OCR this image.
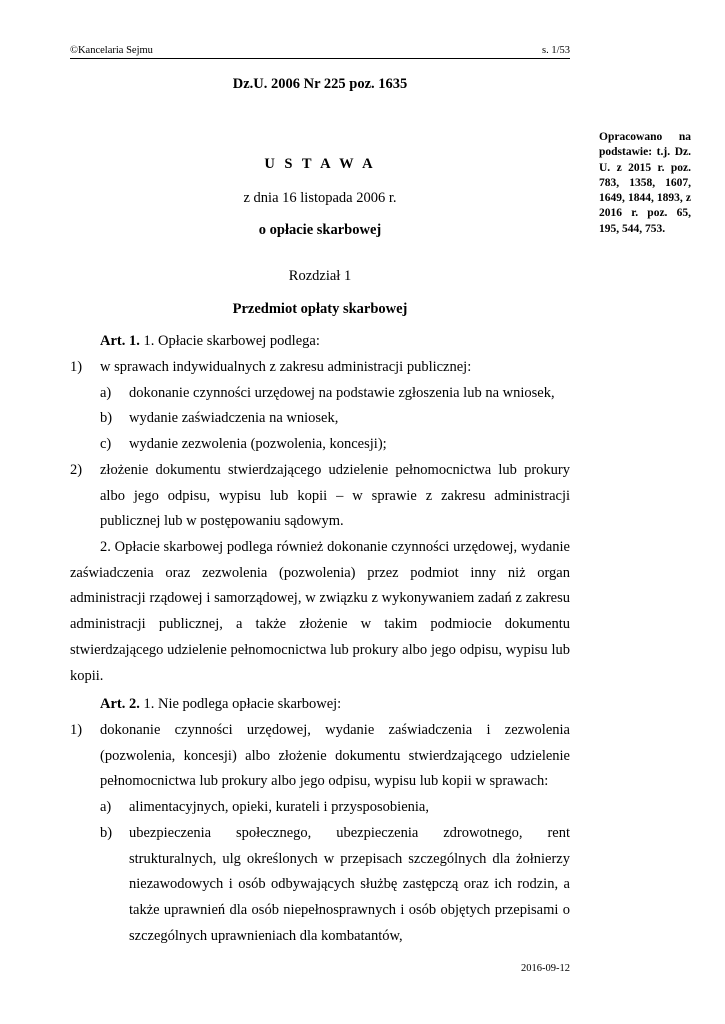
©Kancelaria Sejmu	s. 1/53
Dz.U. 2006 Nr 225 poz. 1635
Opracowano na podstawie: t.j. Dz. U. z 2015 r. poz. 783, 1358, 1607, 1649, 1844, 1893, z 2016 r. poz. 65, 195, 544, 753.
U S T A W A
z dnia 16 listopada 2006 r.
o opłacie skarbowej
Rozdział 1
Przedmiot opłaty skarbowej
Art. 1. 1. Opłacie skarbowej podlega:
1) w sprawach indywidualnych z zakresu administracji publicznej:
a) dokonanie czynności urzędowej na podstawie zgłoszenia lub na wniosek,
b) wydanie zaświadczenia na wniosek,
c) wydanie zezwolenia (pozwolenia, koncesji);
2) złożenie dokumentu stwierdzającego udzielenie pełnomocnictwa lub prokury albo jego odpisu, wypisu lub kopii – w sprawie z zakresu administracji publicznej lub w postępowaniu sądowym.
2. Opłacie skarbowej podlega również dokonanie czynności urzędowej, wydanie zaświadczenia oraz zezwolenia (pozwolenia) przez podmiot inny niż organ administracji rządowej i samorządowej, w związku z wykonywaniem zadań z zakresu administracji publicznej, a także złożenie w takim podmiocie dokumentu stwierdzającego udzielenie pełnomocnictwa lub prokury albo jego odpisu, wypisu lub kopii.
Art. 2. 1. Nie podlega opłacie skarbowej:
1) dokonanie czynności urzędowej, wydanie zaświadczenia i zezwolenia (pozwolenia, koncesji) albo złożenie dokumentu stwierdzającego udzielenie pełnomocnictwa lub prokury albo jego odpisu, wypisu lub kopii w sprawach:
a) alimentacyjnych, opieki, kurateli i przysposobienia,
b) ubezpieczenia społecznego, ubezpieczenia zdrowotnego, rent strukturalnych, ulg określonych w przepisach szczególnych dla żołnierzy niezawodowych i osób odbywających służbę zastępczą oraz ich rodzin, a także uprawnień dla osób niepełnosprawnych i osób objętych przepisami o szczególnych uprawnieniach dla kombatantów,
2016-09-12
